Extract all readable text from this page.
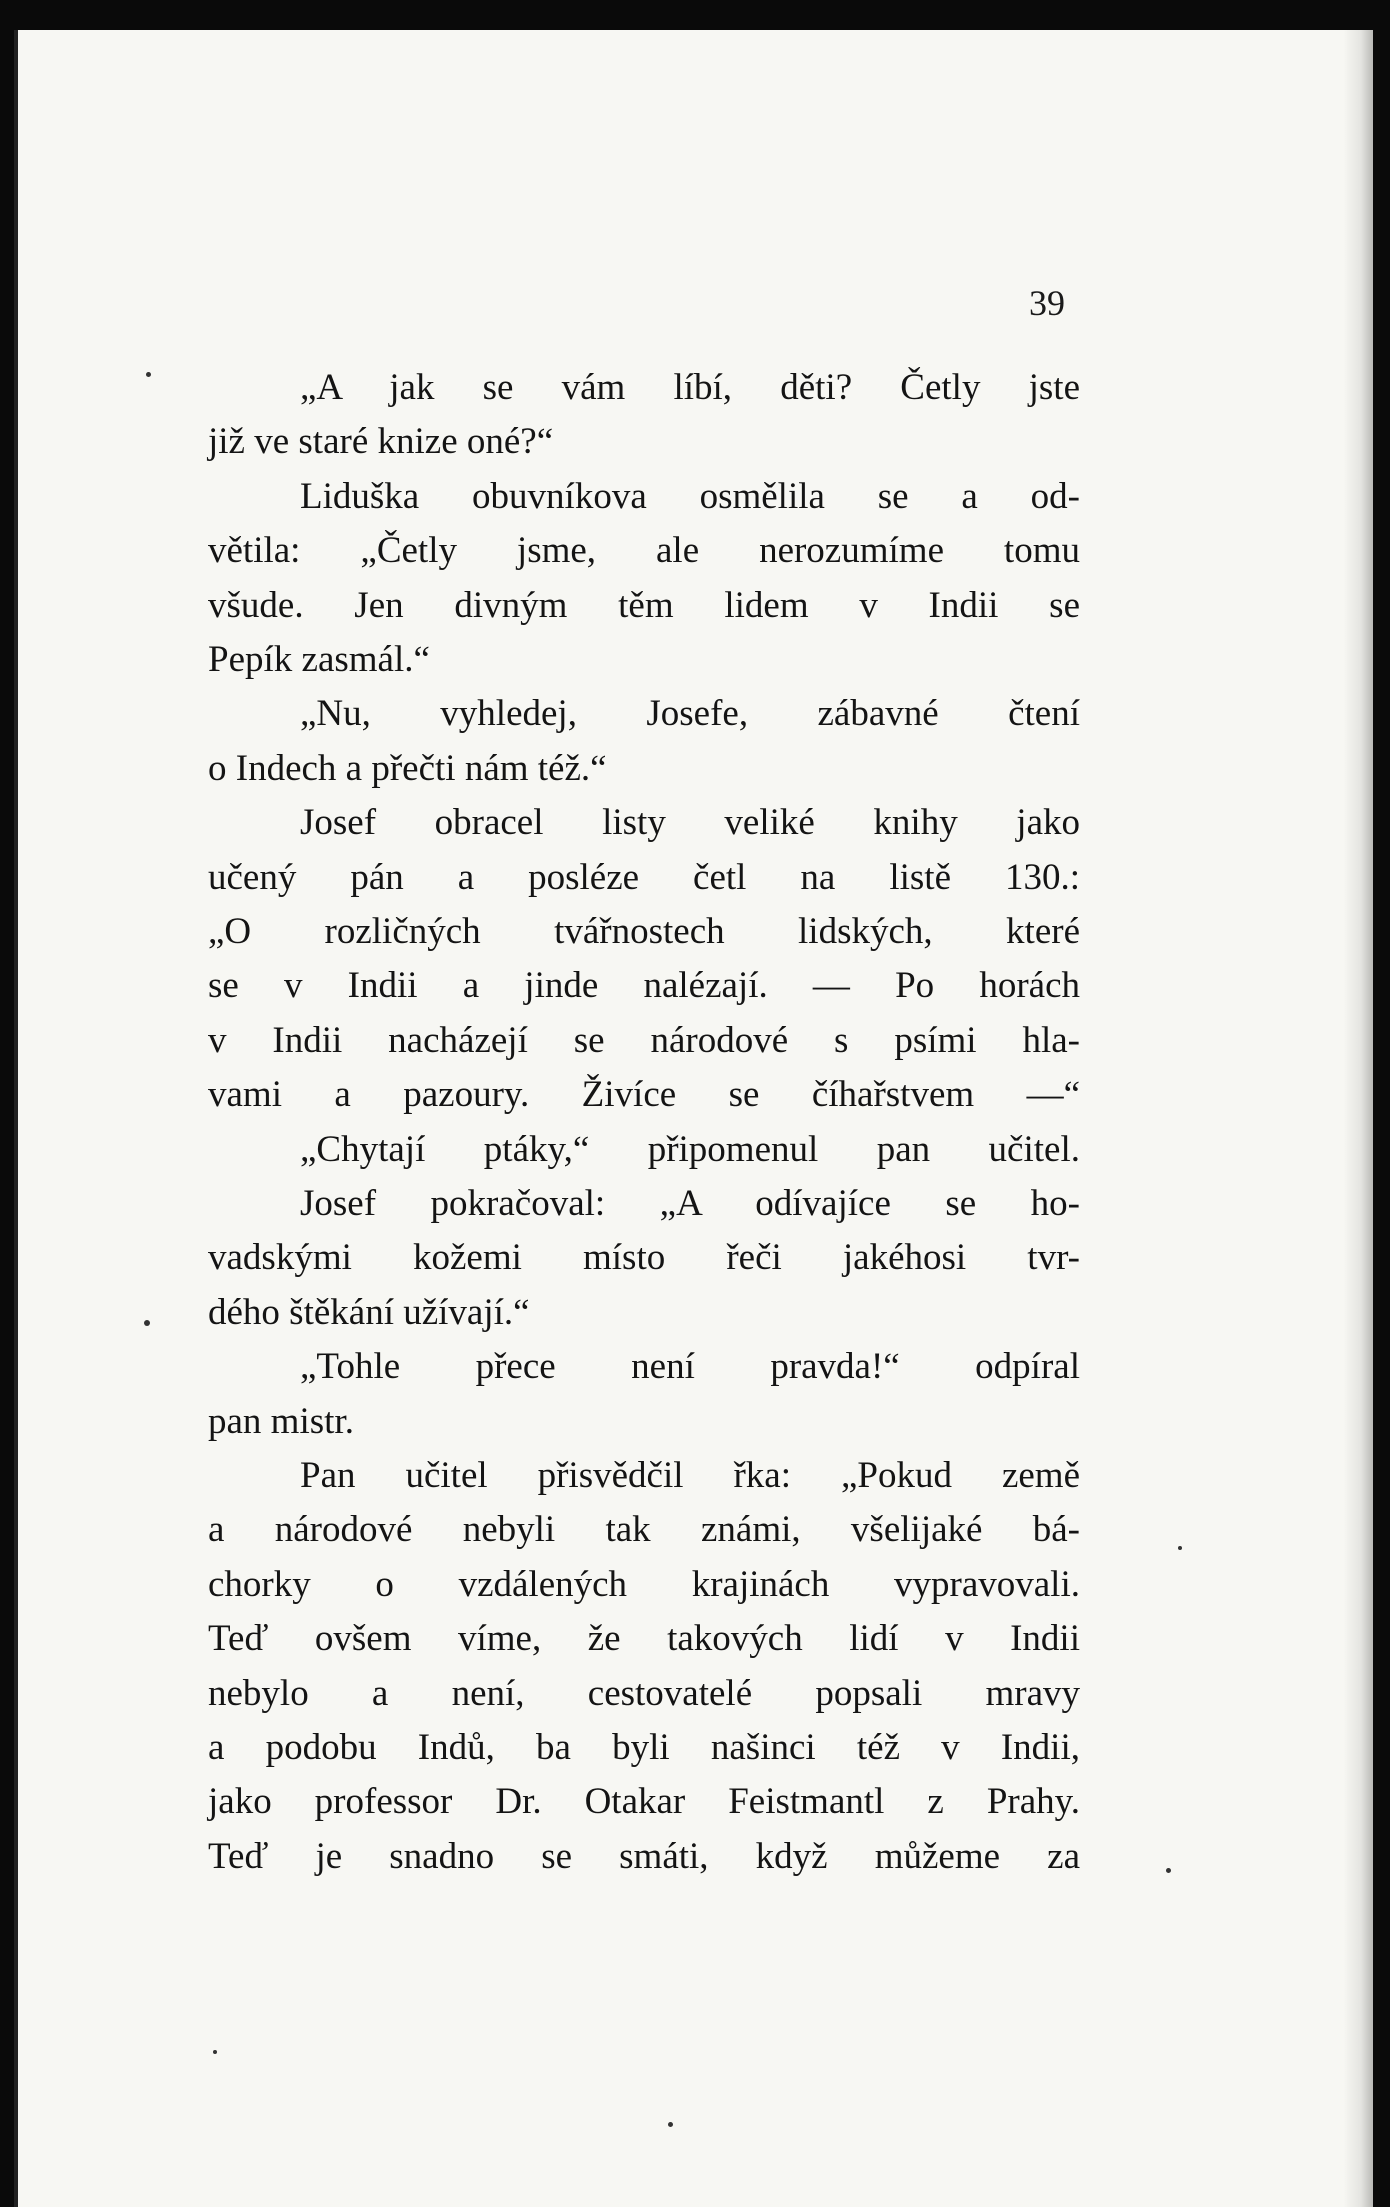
39
„A jak se vám líbí, děti? Četly jste
již ve staré knize oné?“
Liduška obuvníkova osmělila se a od-
větila: „Četly jsme, ale nerozumíme tomu
všude. Jen divným těm lidem v Indii se
Pepík zasmál.“
„Nu, vyhledej, Josefe, zábavné čtení
o Indech a přečti nám též.“
Josef obracel listy veliké knihy jako
učený pán a posléze četl na listě 130.:
„O rozličných tvářnostech lidských, které
se v Indii a jinde nalézají. — Po horách
v Indii nacházejí se národové s psími hla-
vami a pazoury. Živíce se číhařstvem —“
„Chytají ptáky,“ připomenul pan učitel.
Josef pokračoval: „A odívajíce se ho-
vadskými kožemi místo řeči jakéhosi tvr-
dého štěkání užívají.“
„Tohle přece není pravda!“ odpíral
pan mistr.
Pan učitel přisvědčil řka: „Pokud země
a národové nebyli tak známi, všelijaké bá-
chorky o vzdálených krajinách vypravovali.
Teď ovšem víme, že takových lidí v Indii
nebylo a není, cestovatelé popsali mravy
a podobu Indů, ba byli našinci též v Indii,
jako professor Dr. Otakar Feistmantl z Prahy.
Teď je snadno se smáti, když můžeme za
